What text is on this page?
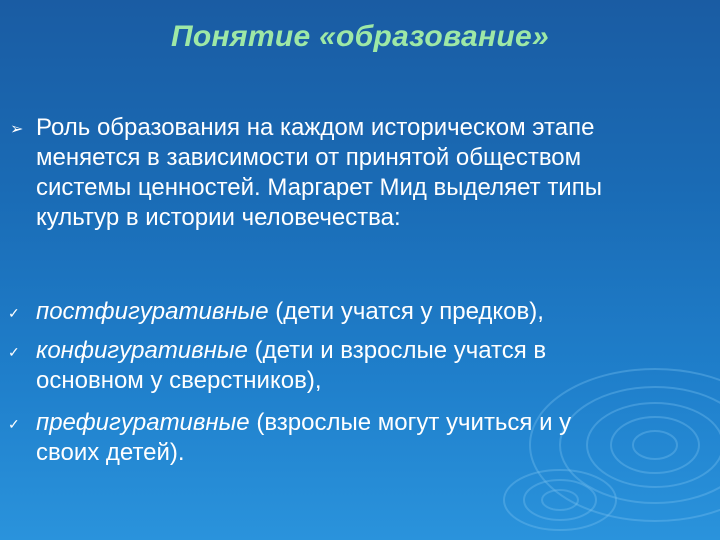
Понятие «образование»
➢ Роль образования на каждом историческом этапе
меняется в зависимости от принятой обществом
системы ценностей. Маргарет Мид выделяет типы
культур в истории человечества:
✓ постфигуративные (дети учатся у предков),
✓ конфигуративные (дети и взрослые учатся в
основном у сверстников),
✓ префигуративные (взрослые могут учиться и у
своих детей).
